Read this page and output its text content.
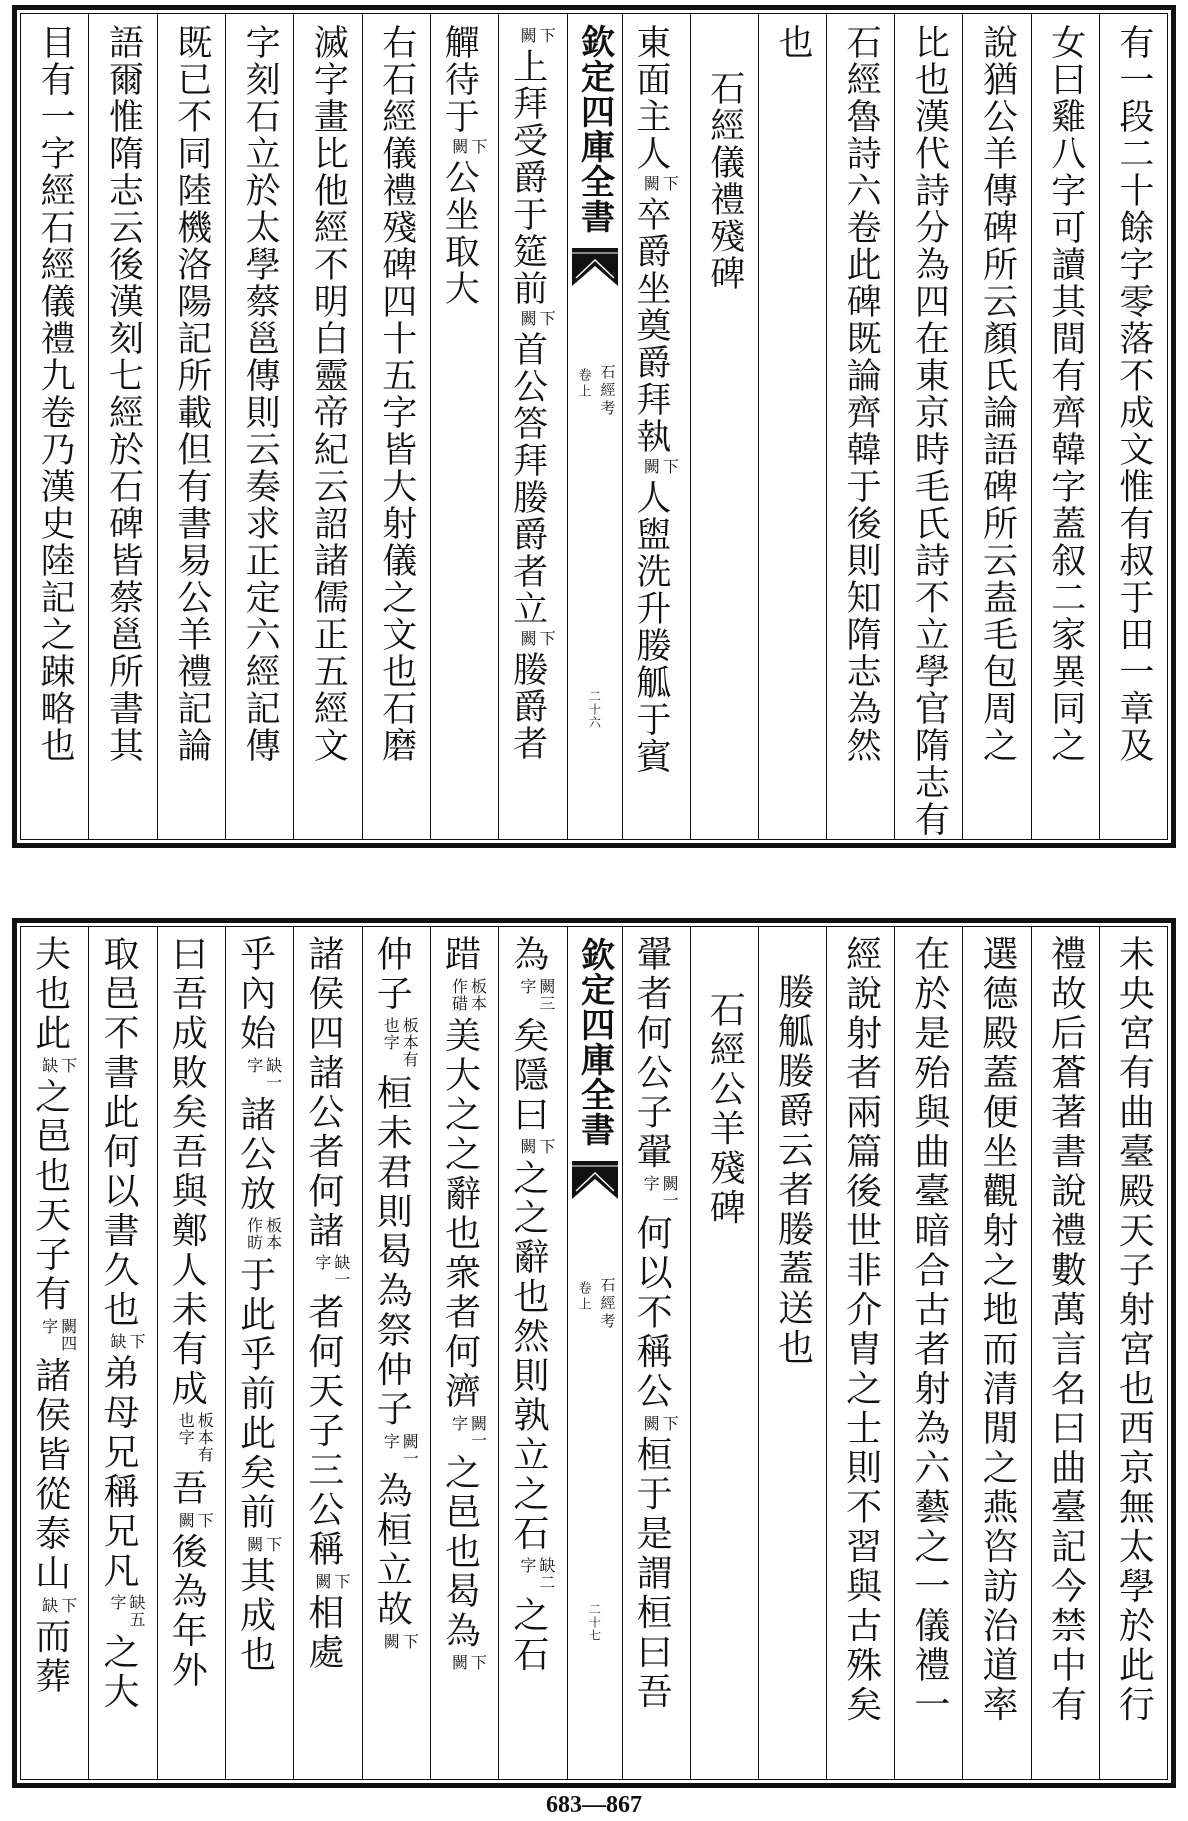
有一段二十餘字零落不成文惟有叔于田一章及
女曰雞八字可讀其間有齊韓字蓋叙二家異同之
說猶公羊傳碑所云顏氏論語碑所云盍毛包周之
比也漢代詩分為四在東京時毛氏詩不立學官隋志有
石經魯詩六卷此碑既論齊韓于後則知隋志為然
也
石經儀禮殘碑
東面主人下闕卒爵坐奠爵拜執下闕人盥洗升媵觚于賓
欽定四庫全書
石經考
卷上
二十六
下闕上拜受爵于筵前下闕首公答拜媵爵者立下闕媵爵者
觶待于下闕公坐取大
右石經儀禮殘碑四十五字皆大射儀之文也石磨
滅字畫比他經不明白靈帝紀云詔諸儒正五經文
字刻石立於太學蔡邕傳則云奏求正定六經記傳
既已不同陸機洛陽記所載但有書易公羊禮記論
語爾惟隋志云後漢刻七經於石碑皆蔡邕所書其
目有一字經石經儀禮九卷乃漢史陸記之踈略也
未央宮有曲臺殿天子射宮也西京無太學於此行
禮故后蒼著書說禮數萬言名曰曲臺記今禁中有
選德殿蓋便坐觀射之地而清閒之燕咨訪治道率
在於是殆與曲臺暗合古者射為六藝之一儀禮一
經說射者兩篇後世非介胄之士則不習與古殊矣
媵觚媵爵云者媵蓋送也
石經公羊殘碑
翬者何公子翬闕一字何以不稱公下闕桓于是謂桓曰吾
欽定四庫全書
石經考
卷上
二十七
為闕三字矣隱曰下闕之之辭也然則孰立之石缺二字之石
踖板本作碏美大之之辭也衆者何濟闕一字之邑也曷為下闕
仲子板本有也字桓未君則曷為祭仲子闕一字為桓立故下闕
諸侯四諸公者何諸缺一字者何天子三公稱下闕相處
乎內始缺一字諸公放板本作昉于此乎前此矣前下闕其成也
曰吾成敗矣吾與鄭人未有成板本有也字吾下闕後為年外
取邑不書此何以書久也下缺弟母兄稱兄凡缺五字之大
夫也此下缺之邑也天子有闕四字諸侯皆從泰山下缺而葬
683—867
